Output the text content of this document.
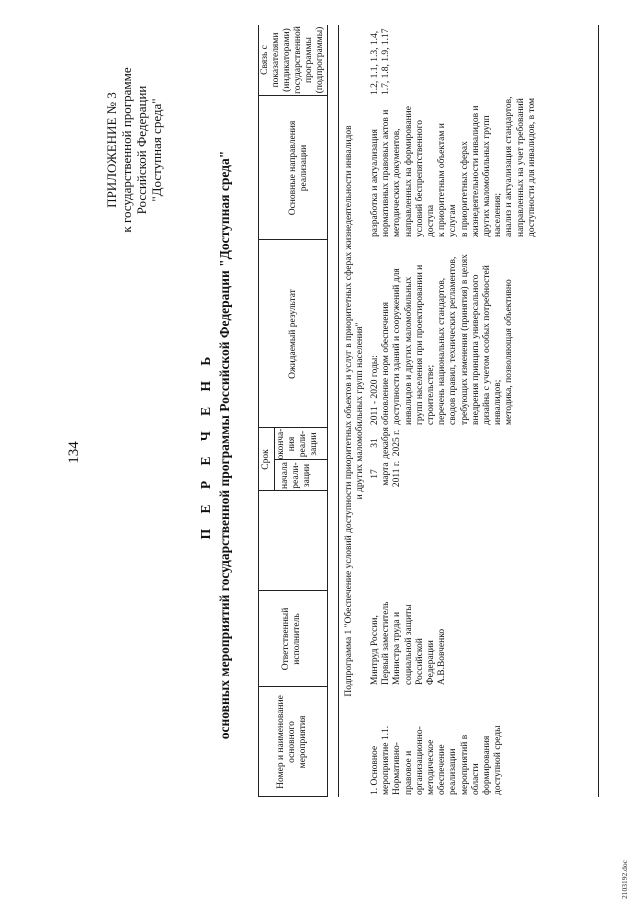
134
ПРИЛОЖЕНИЕ № 3 к государственной программе Российской Федерации "Доступная среда"
П Е Р Е Ч Е Н Ь основных мероприятий государственной программы Российской Федерации "Доступная среда"
Номер и наименование основного мероприятия
Ответственный исполнитель
Срок
начала реали- зации
оконча- ния реали- зации
Ожидаемый результат
Основные направления реализации
Связь с показателями (индикаторами) государственной программы (подпрограммы)
Подпрограмма 1 "Обеспечение условий доступности приоритетных объектов и услуг в приоритетных сферах жизнедеятельности инвалидов и других маломобильных групп населения"
1. Основное мероприятие 1.1. Нормативно- правовое и организационно- методическое обеспечение реализации мероприятий в области формирования доступной среды
Минтруд России, Первый заместитель Министра труда и социальной защиты Российской Федерации А.В.Вовченко
17 марта 2011 г.
31 декабря 2025 г.
2011 - 2020 годы: обновление норм обеспечения доступности зданий и сооружений для инвалидов и других маломобильных групп населения при проектировании и строительстве; перечень национальных стандартов, сводов правил, технических регламентов, требующих изменения (принятия) в целях внедрения принципа универсального дизайна с учетом особых потребностей инвалидов; методика, позволяющая объективно
разработка и актуализация нормативных правовых актов и методических документов, направленных на формирование условий беспрепятственного доступа к приоритетным объектам и услугам в приоритетных сферах жизнедеятельности инвалидов и других маломобильных групп населения; анализ и актуализация стандартов, направленных на учет требований доступности для инвалидов, в том
1.2, 1.1, 1.3, 1.4, 1.7, 1.8, 1.9, 1.17
2103192.doc
